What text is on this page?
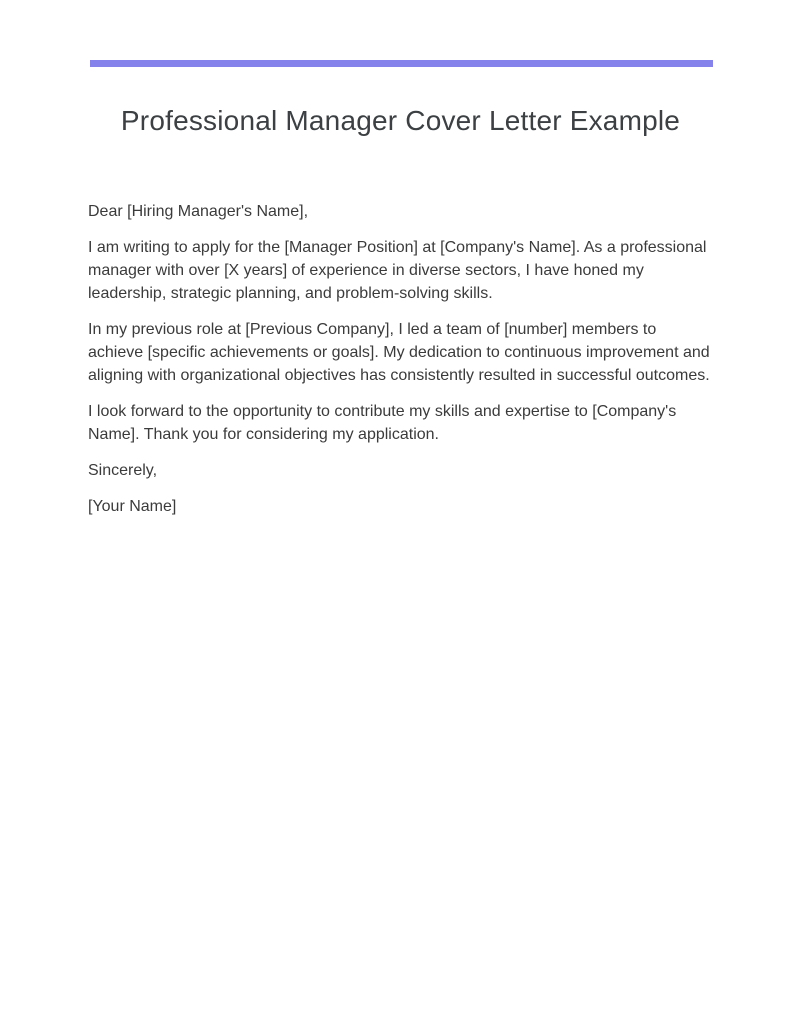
Professional Manager Cover Letter Example

Dear [Hiring Manager's Name],

I am writing to apply for the [Manager Position] at [Company's Name]. As a professional manager with over [X years] of experience in diverse sectors, I have honed my leadership, strategic planning, and problem-solving skills.

In my previous role at [Previous Company], I led a team of [number] members to achieve [specific achievements or goals]. My dedication to continuous improvement and aligning with organizational objectives has consistently resulted in successful outcomes.

I look forward to the opportunity to contribute my skills and expertise to [Company's Name]. Thank you for considering my application.

Sincerely,

[Your Name]
